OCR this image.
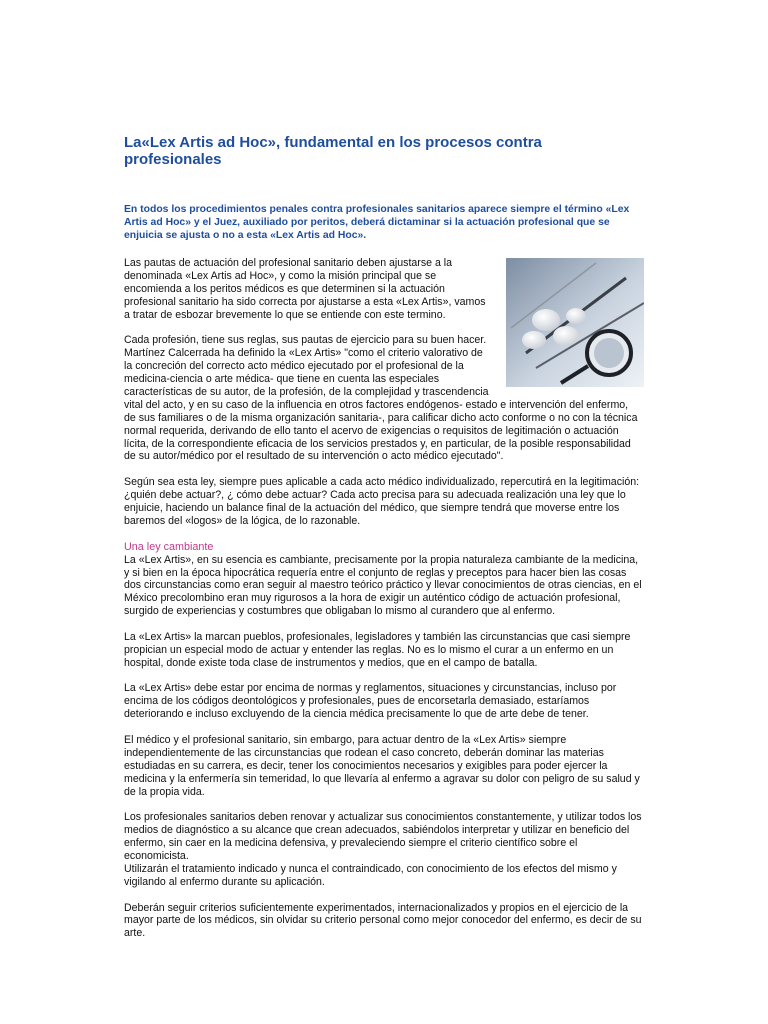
La«Lex Artis ad Hoc», fundamental en los procesos contra profesionales

En todos los procedimientos penales contra profesionales sanitarios aparece siempre el término «Lex Artis ad Hoc» y el Juez, auxiliado por peritos, deberá dictaminar si la actuación profesional que se enjuicia se ajusta o no a esta «Lex Artis ad Hoc».

Las pautas de actuación del profesional sanitario deben ajustarse a la denominada «Lex Artis ad Hoc», y como la misión principal que se encomienda a los peritos médicos es que determinen si la actuación profesional sanitario ha sido correcta por ajustarse a esta «Lex Artis», vamos a tratar de esbozar brevemente lo que se entiende con este termino.

Cada profesión, tiene sus reglas, sus pautas de ejercicio para su buen hacer. Martínez Calcerrada ha definido la «Lex Artis» "como el criterio valorativo de la concreción del correcto acto médico ejecutado por el profesional de la medicina-ciencia o arte médica- que tiene en cuenta las especiales características de su autor, de la profesión, de la complejidad y trascendencia vital del acto, y en su caso de la influencia en otros factores endógenos- estado e intervención del enfermo, de sus familiares o de la misma organización sanitaria-, para calificar dicho acto conforme o no con la técnica normal requerida, derivando de ello tanto el acervo de exigencias o requisitos de legitimación o actuación lícita, de la correspondiente eficacia de los servicios prestados y, en particular, de la posible responsabilidad de su autor/médico por el resultado de su intervención o acto médico ejecutado".

Según sea esta ley, siempre pues aplicable a cada acto médico individualizado, repercutirá en la legitimación: ¿quién debe actuar?, ¿ cómo debe actuar? Cada acto precisa para su adecuada realización una ley que lo enjuicie, haciendo un balance final de la actuación del médico, que siempre tendrá que moverse entre los baremos del «logos» de la lógica, de lo razonable.

Una ley cambiante
La «Lex Artis», en su esencia es cambiante, precisamente por la propia naturaleza cambiante de la medicina, y si bien en la época hipocrática requería entre el conjunto de reglas y preceptos para hacer bien las cosas dos circunstancias como eran seguir al maestro teórico práctico y llevar conocimientos de otras ciencias, en el México precolombino eran muy rigurosos a la hora de exigir un auténtico código de actuación profesional, surgido de experiencias y costumbres que obligaban lo mismo al curandero que al enfermo.

La «Lex Artis» la marcan pueblos, profesionales, legisladores y también las circunstancias que casi siempre propician un especial modo de actuar y entender las reglas. No es lo mismo el curar a un enfermo en un hospital, donde existe toda clase de instrumentos y medios, que en el campo de batalla.

La «Lex Artis» debe estar por encima de normas y reglamentos, situaciones y circunstancias, incluso por encima de los códigos deontológicos y profesionales, pues de encorsetarla demasiado, estaríamos deteriorando e incluso excluyendo de la ciencia médica precisamente lo que de arte debe de tener.

El médico y el profesional sanitario, sin embargo, para actuar dentro de la «Lex Artis» siempre independientemente de las circunstancias que rodean el caso concreto, deberán dominar las materias estudiadas en su carrera, es decir, tener los conocimientos necesarios y exigibles para poder ejercer la medicina y la enfermería sin temeridad, lo que llevaría al enfermo a agravar su dolor con peligro de su salud y de la propia vida.

Los profesionales sanitarios deben renovar y actualizar sus conocimientos constantemente, y utilizar todos los medios de diagnóstico a su alcance que crean adecuados, sabiéndolos interpretar y utilizar en beneficio del enfermo, sin caer en la medicina defensiva, y prevaleciendo siempre el criterio científico sobre el economicista.
Utilizarán el tratamiento indicado y nunca el contraindicado, con conocimiento de los efectos del mismo y vigilando al enfermo durante su aplicación.

Deberán seguir criterios suficientemente experimentados, internacionalizados y propios en el ejercicio de la mayor parte de los médicos, sin olvidar su criterio personal como mejor conocedor del enfermo, es decir de su arte.
